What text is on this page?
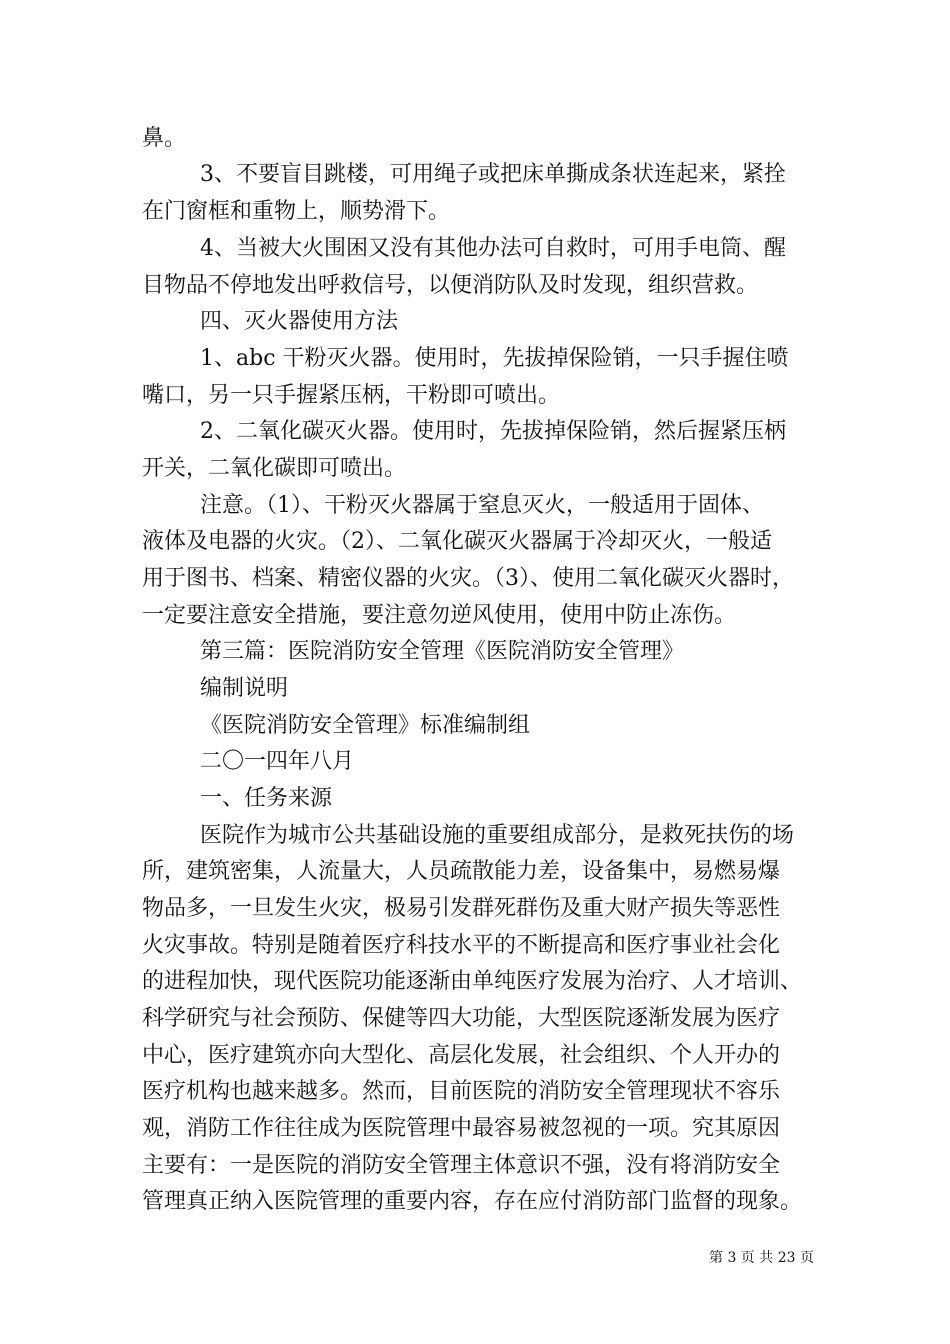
鼻。
3、不要盲目跳楼，可用绳子或把床单撕成条状连起来，紧拴
在门窗框和重物上，顺势滑下。
4、当被大火围困又没有其他办法可自救时，可用手电筒、醒
目物品不停地发出呼救信号，以便消防队及时发现，组织营救。
四、灭火器使用方法
1、abc 干粉灭火器。使用时，先拔掉保险销，一只手握住喷
嘴口，另一只手握紧压柄，干粉即可喷出。
2、二氧化碳灭火器。使用时，先拔掉保险销，然后握紧压柄
开关，二氧化碳即可喷出。
注意。（1）、干粉灭火器属于窒息灭火，一般适用于固体、
液体及电器的火灾。（2）、二氧化碳灭火器属于冷却灭火，一般适
用于图书、档案、精密仪器的火灾。（3）、使用二氧化碳灭火器时，
一定要注意安全措施，要注意勿逆风使用，使用中防止冻伤。
第三篇：医院消防安全管理《医院消防安全管理》
编制说明
《医院消防安全管理》标准编制组
二〇一四年八月
一、任务来源
医院作为城市公共基础设施的重要组成部分，是救死扶伤的场
所，建筑密集，人流量大，人员疏散能力差，设备集中，易燃易爆
物品多，一旦发生火灾，极易引发群死群伤及重大财产损失等恶性
火灾事故。特别是随着医疗科技水平的不断提高和医疗事业社会化
的进程加快，现代医院功能逐渐由单纯医疗发展为治疗、人才培训、
科学研究与社会预防、保健等四大功能，大型医院逐渐发展为医疗
中心，医疗建筑亦向大型化、高层化发展，社会组织、个人开办的
医疗机构也越来越多。然而，目前医院的消防安全管理现状不容乐
观，消防工作往往成为医院管理中最容易被忽视的一项。究其原因
主要有：一是医院的消防安全管理主体意识不强，没有将消防安全
管理真正纳入医院管理的重要内容，存在应付消防部门监督的现象。
第 3 页 共 23 页
